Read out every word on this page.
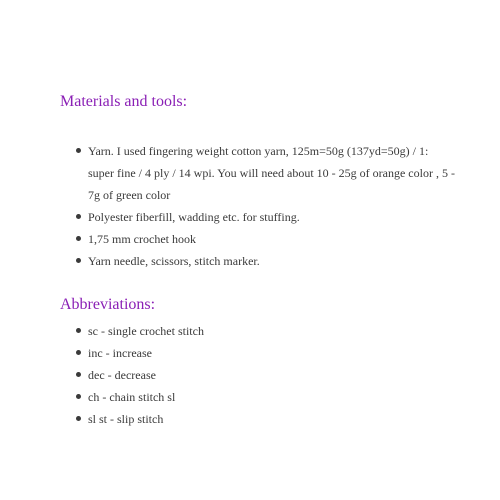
Materials and tools:
Yarn. I used fingering weight cotton yarn, 125m=50g (137yd=50g) / 1: super fine / 4 ply / 14 wpi. You will need about 10 - 25g of orange color , 5 - 7g of green color
Polyester fiberfill, wadding etc. for stuffing.
1,75 mm crochet hook
Yarn needle, scissors, stitch marker.
Abbreviations:
sc - single crochet stitch
inc - increase
dec - decrease
ch - chain stitch sl
sl st - slip stitch
